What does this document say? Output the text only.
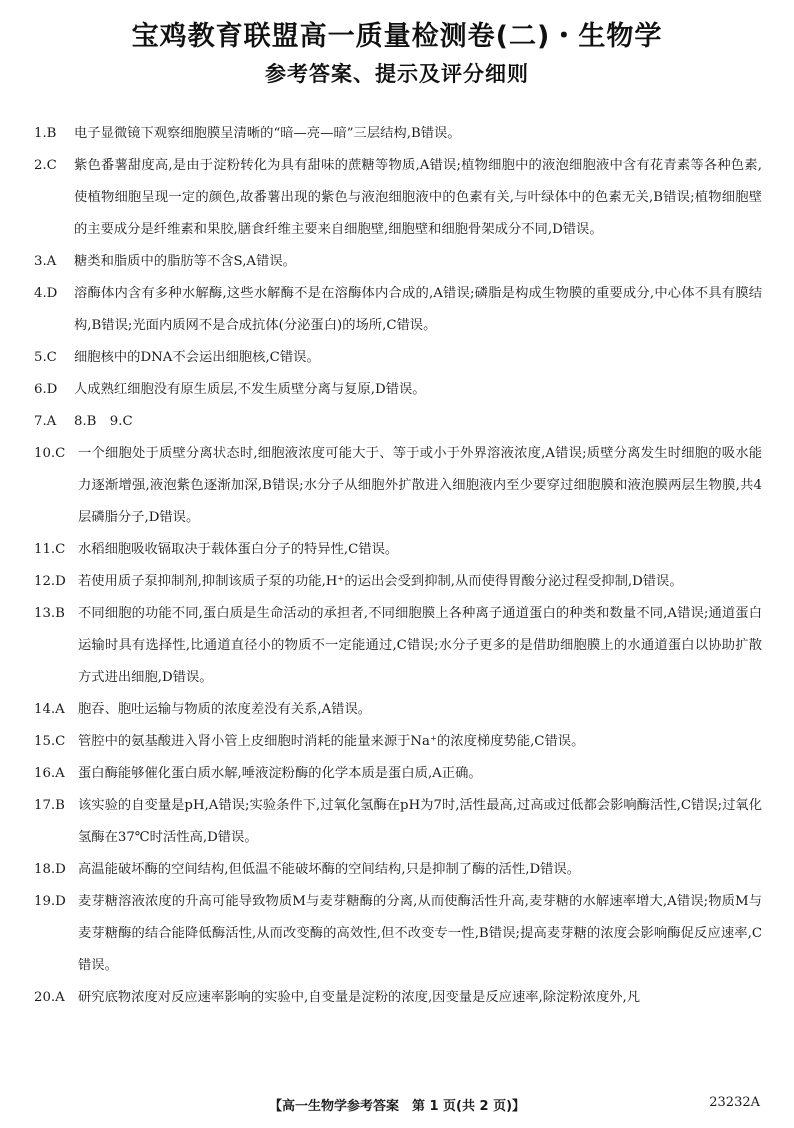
宝鸡教育联盟高一质量检测卷(二)・生物学
参考答案、提示及评分细则
1.B 电子显微镜下观察细胞膜呈清晰的“暗—亮—暗”三层结构,B错误。
2.C 紫色番薯甜度高,是由于淀粉转化为具有甜味的蔗糖等物质,A错误;植物细胞中的液泡细胞液中含有花青素等各种色素,使植物细胞呈现一定的颜色,故番薯出现的紫色与液泡细胞液中的色素有关,与叶绿体中的色素无关,B错误;植物细胞壁的主要成分是纤维素和果胶,膳食纤维主要来自细胞壁,细胞壁和细胞骨架成分不同,D错误。
3.A 糖类和脂质中的脂肪等不含S,A错误。
4.D 溶酶体内含有多种水解酶,这些水解酶不是在溶酶体内合成的,A错误;磷脂是构成生物膜的重要成分,中心体不具有膜结构,B错误;光面内质网不是合成抗体(分泌蛋白)的场所,C错误。
5.C 细胞核中的DNA不会运出细胞核,C错误。
6.D 人成熟红细胞没有原生质层,不发生质壁分离与复原,D错误。
7.A 8.B　9.C
10.C 一个细胞处于质壁分离状态时,细胞液浓度可能大于、等于或小于外界溶液浓度,A错误;质壁分离发生时细胞的吸水能力逐渐增强,液泡紫色逐渐加深,B错误;水分子从细胞外扩散进入细胞液内至少要穿过细胞膜和液泡膜两层生物膜,共4层磷脂分子,D错误。
11.C 水稻细胞吸收镉取决于载体蛋白分子的特异性,C错误。
12.D 若使用质子泵抑制剂,抑制该质子泵的功能,H⁺的运出会受到抑制,从而使得胃酸分泌过程受抑制,D错误。
13.B 不同细胞的功能不同,蛋白质是生命活动的承担者,不同细胞膜上各种离子通道蛋白的种类和数量不同,A错误;通道蛋白运输时具有选择性,比通道直径小的物质不一定能通过,C错误;水分子更多的是借助细胞膜上的水通道蛋白以协助扩散方式进出细胞,D错误。
14.A 胞吞、胞吐运输与物质的浓度差没有关系,A错误。
15.C 管腔中的氨基酸进入肾小管上皮细胞时消耗的能量来源于Na⁺的浓度梯度势能,C错误。
16.A 蛋白酶能够催化蛋白质水解,唾液淀粉酶的化学本质是蛋白质,A正确。
17.B 该实验的自变量是pH,A错误;实验条件下,过氧化氢酶在pH为7时,活性最高,过高或过低都会影响酶活性,C错误;过氧化氢酶在37℃时活性高,D错误。
18.D 高温能破坏酶的空间结构,但低温不能破坏酶的空间结构,只是抑制了酶的活性,D错误。
19.D 麦芽糖溶液浓度的升高可能导致物质M与麦芽糖酶的分离,从而使酶活性升高,麦芽糖的水解速率增大,A错误;物质M与麦芽糖酶的结合能降低酶活性,从而改变酶的高效性,但不改变专一性,B错误;提高麦芽糖的浓度会影响酶促反应速率,C错误。
20.A 研究底物浓度对反应速率影响的实验中,自变量是淀粉的浓度,因变量是反应速率,除淀粉浓度外,凡
【高一生物学参考答案　第 1 页(共 2 页)】	23232A
